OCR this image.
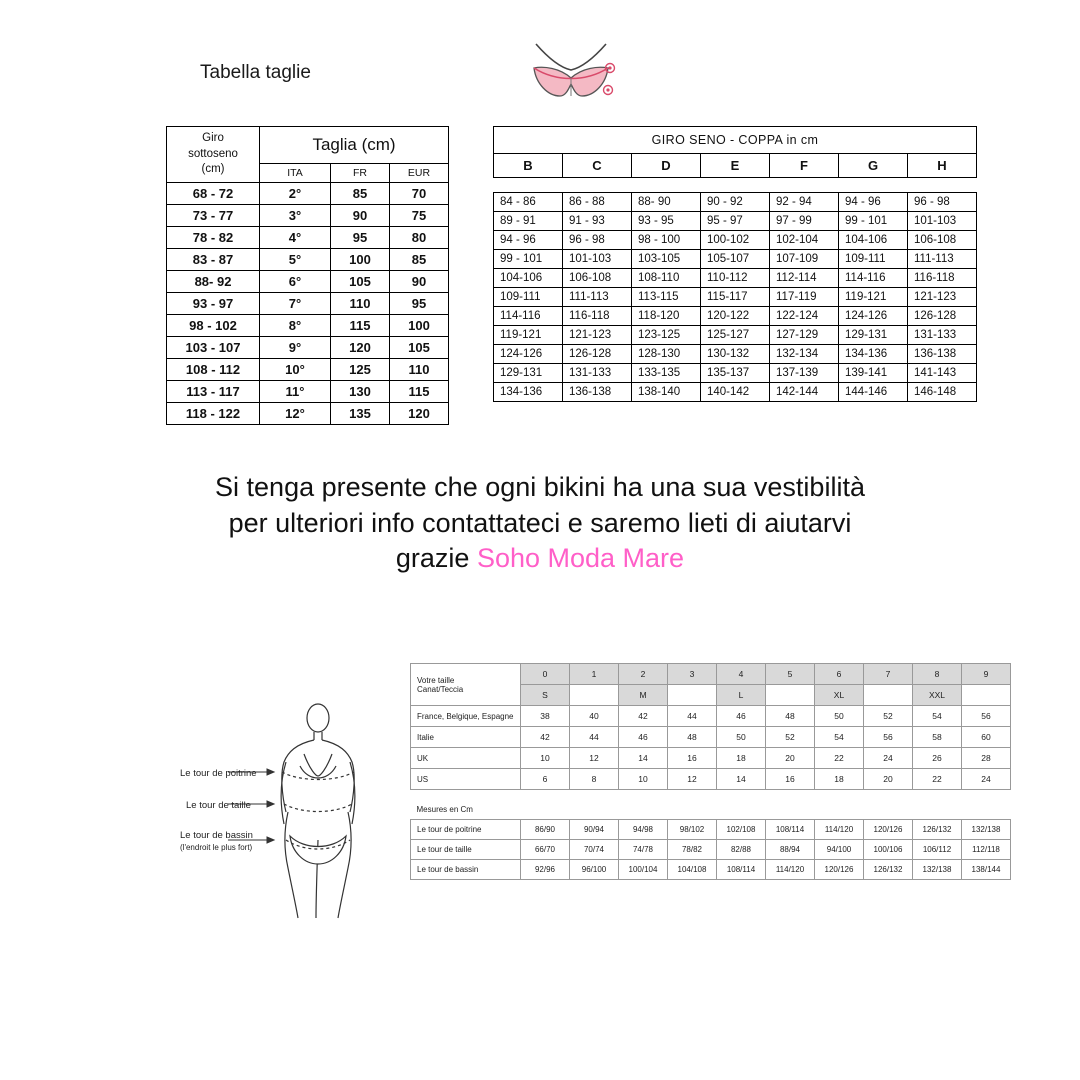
Tabella taglie
Giro
sottoseno
(cm)	Taglia (cm)		
	ITA	FR	EUR
68 - 72	2°	85	70
73 - 77	3°	90	75
78 - 82	4°	95	80
83 - 87	5°	100	85
88- 92	6°	105	90
93 - 97	7°	110	95
98 - 102	8°	115	100
103 - 107	9°	120	105
108 - 112	10°	125	110
113 - 117	11°	130	115
118 - 122	12°	135	120
GIRO SENO - COPPA in cm						
B	C	D	E	F	G	H

84 - 86	86 - 88	88- 90	90 - 92	92 - 94	94 - 96	96 - 98
89 - 91	91 - 93	93 - 95	95 - 97	97 - 99	99 - 101	101-103
94 - 96	96 - 98	98 - 100	100-102	102-104	104-106	106-108
99 - 101	101-103	103-105	105-107	107-109	109-111	111-113
104-106	106-108	108-110	110-112	112-114	114-116	116-118
109-111	111-113	113-115	115-117	117-119	119-121	121-123
114-116	116-118	118-120	120-122	122-124	124-126	126-128
119-121	121-123	123-125	125-127	127-129	129-131	131-133
124-126	126-128	128-130	130-132	132-134	134-136	136-138
129-131	131-133	133-135	135-137	137-139	139-141	141-143
134-136	136-138	138-140	140-142	142-144	144-146	146-148
Si tenga presente che ogni bikini ha una sua vestibilità
per ulteriori info contattateci e saremo lieti di aiutarvi
grazie Soho Moda Mare
Le tour de poitrine
Le tour de taille
Le tour de bassin
(l'endroit le plus fort)
Votre taille
Canat/Teccia	0	1	2	3	4	5	6	7	8	9
	S		M		L		XL		XXL	
France, Belgique, Espagne	38	40	42	44	46	48	50	52	54	56
Italie	42	44	46	48	50	52	54	56	58	60
UK	10	12	14	16	18	20	22	24	26	28
US	6	8	10	12	14	16	18	20	22	24

Mesures en Cm										
Le tour de poitrine	86/90	90/94	94/98	98/102	102/108	108/114	114/120	120/126	126/132	132/138
Le tour de taille	66/70	70/74	74/78	78/82	82/88	88/94	94/100	100/106	106/112	112/118
Le tour de bassin	92/96	96/100	100/104	104/108	108/114	114/120	120/126	126/132	132/138	138/144
